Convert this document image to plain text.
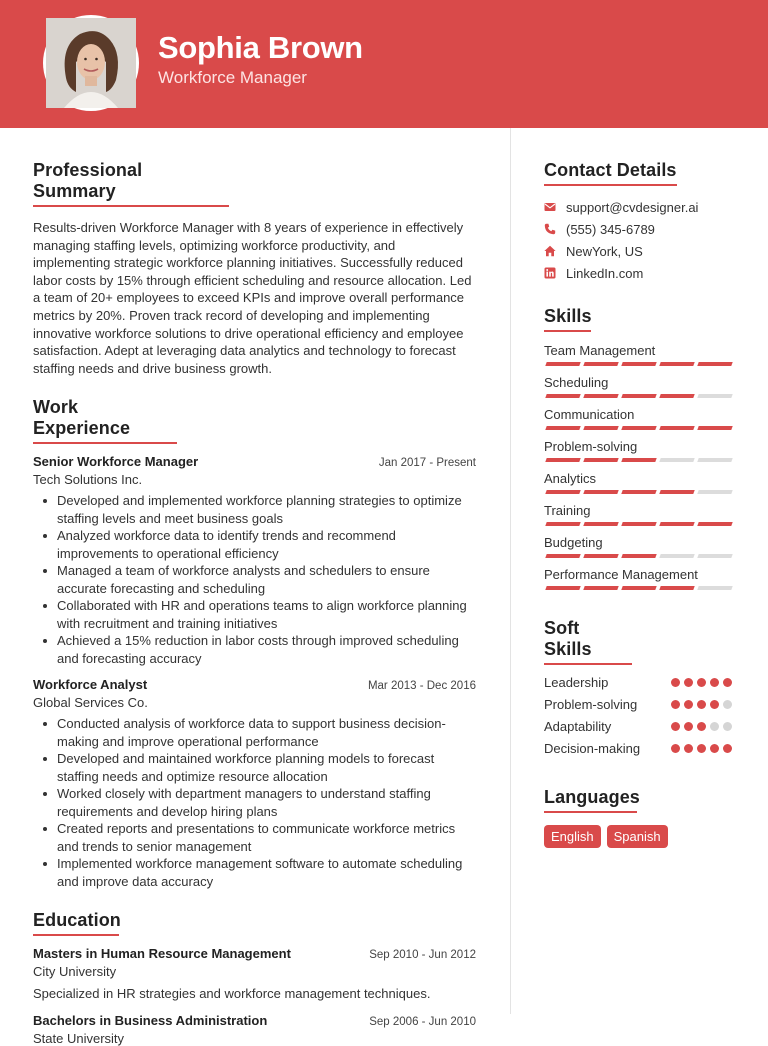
Sophia Brown
Workforce Manager
Professional Summary

Results-driven Workforce Manager with 8 years of experience in effectively managing staffing levels, optimizing workforce productivity, and implementing strategic workforce planning initiatives. Successfully reduced labor costs by 15% through efficient scheduling and resource allocation. Led a team of 20+ employees to exceed KPIs and improve overall performance metrics by 20%. Proven track record of developing and implementing innovative workforce solutions to drive operational efficiency and employee satisfaction. Adept at leveraging data analytics and technology to forecast staffing needs and drive business growth.

Work Experience
Senior Workforce Manager	Jan 2017 - Present
Tech Solutions Inc.
Developed and implemented workforce planning strategies to optimize staffing levels and meet business goals
Analyzed workforce data to identify trends and recommend improvements to operational efficiency
Managed a team of workforce analysts and schedulers to ensure accurate forecasting and scheduling
Collaborated with HR and operations teams to align workforce planning with recruitment and training initiatives
Achieved a 15% reduction in labor costs through improved scheduling and forecasting accuracy
Workforce Analyst	Mar 2013 - Dec 2016
Global Services Co.
Conducted analysis of workforce data to support business decision-making and improve operational performance
Developed and maintained workforce planning models to forecast staffing needs and optimize resource allocation
Worked closely with department managers to understand staffing requirements and develop hiring plans
Created reports and presentations to communicate workforce metrics and trends to senior management
Implemented workforce management software to automate scheduling and improve data accuracy
Education
Masters in Human Resource Management	Sep 2010 - Jun 2012
City University
Specialized in HR strategies and workforce management techniques.
Bachelors in Business Administration	Sep 2006 - Jun 2010
State University
Contact Details
support@cvdesigner.ai
(555) 345-6789
NewYork, US
LinkedIn.com
Skills
Team Management
Scheduling
Communication
Problem-solving
Analytics
Training
Budgeting
Performance Management
Soft Skills
Leadership
Problem-solving
Adaptability
Decision-making
Languages
English	Spanish
